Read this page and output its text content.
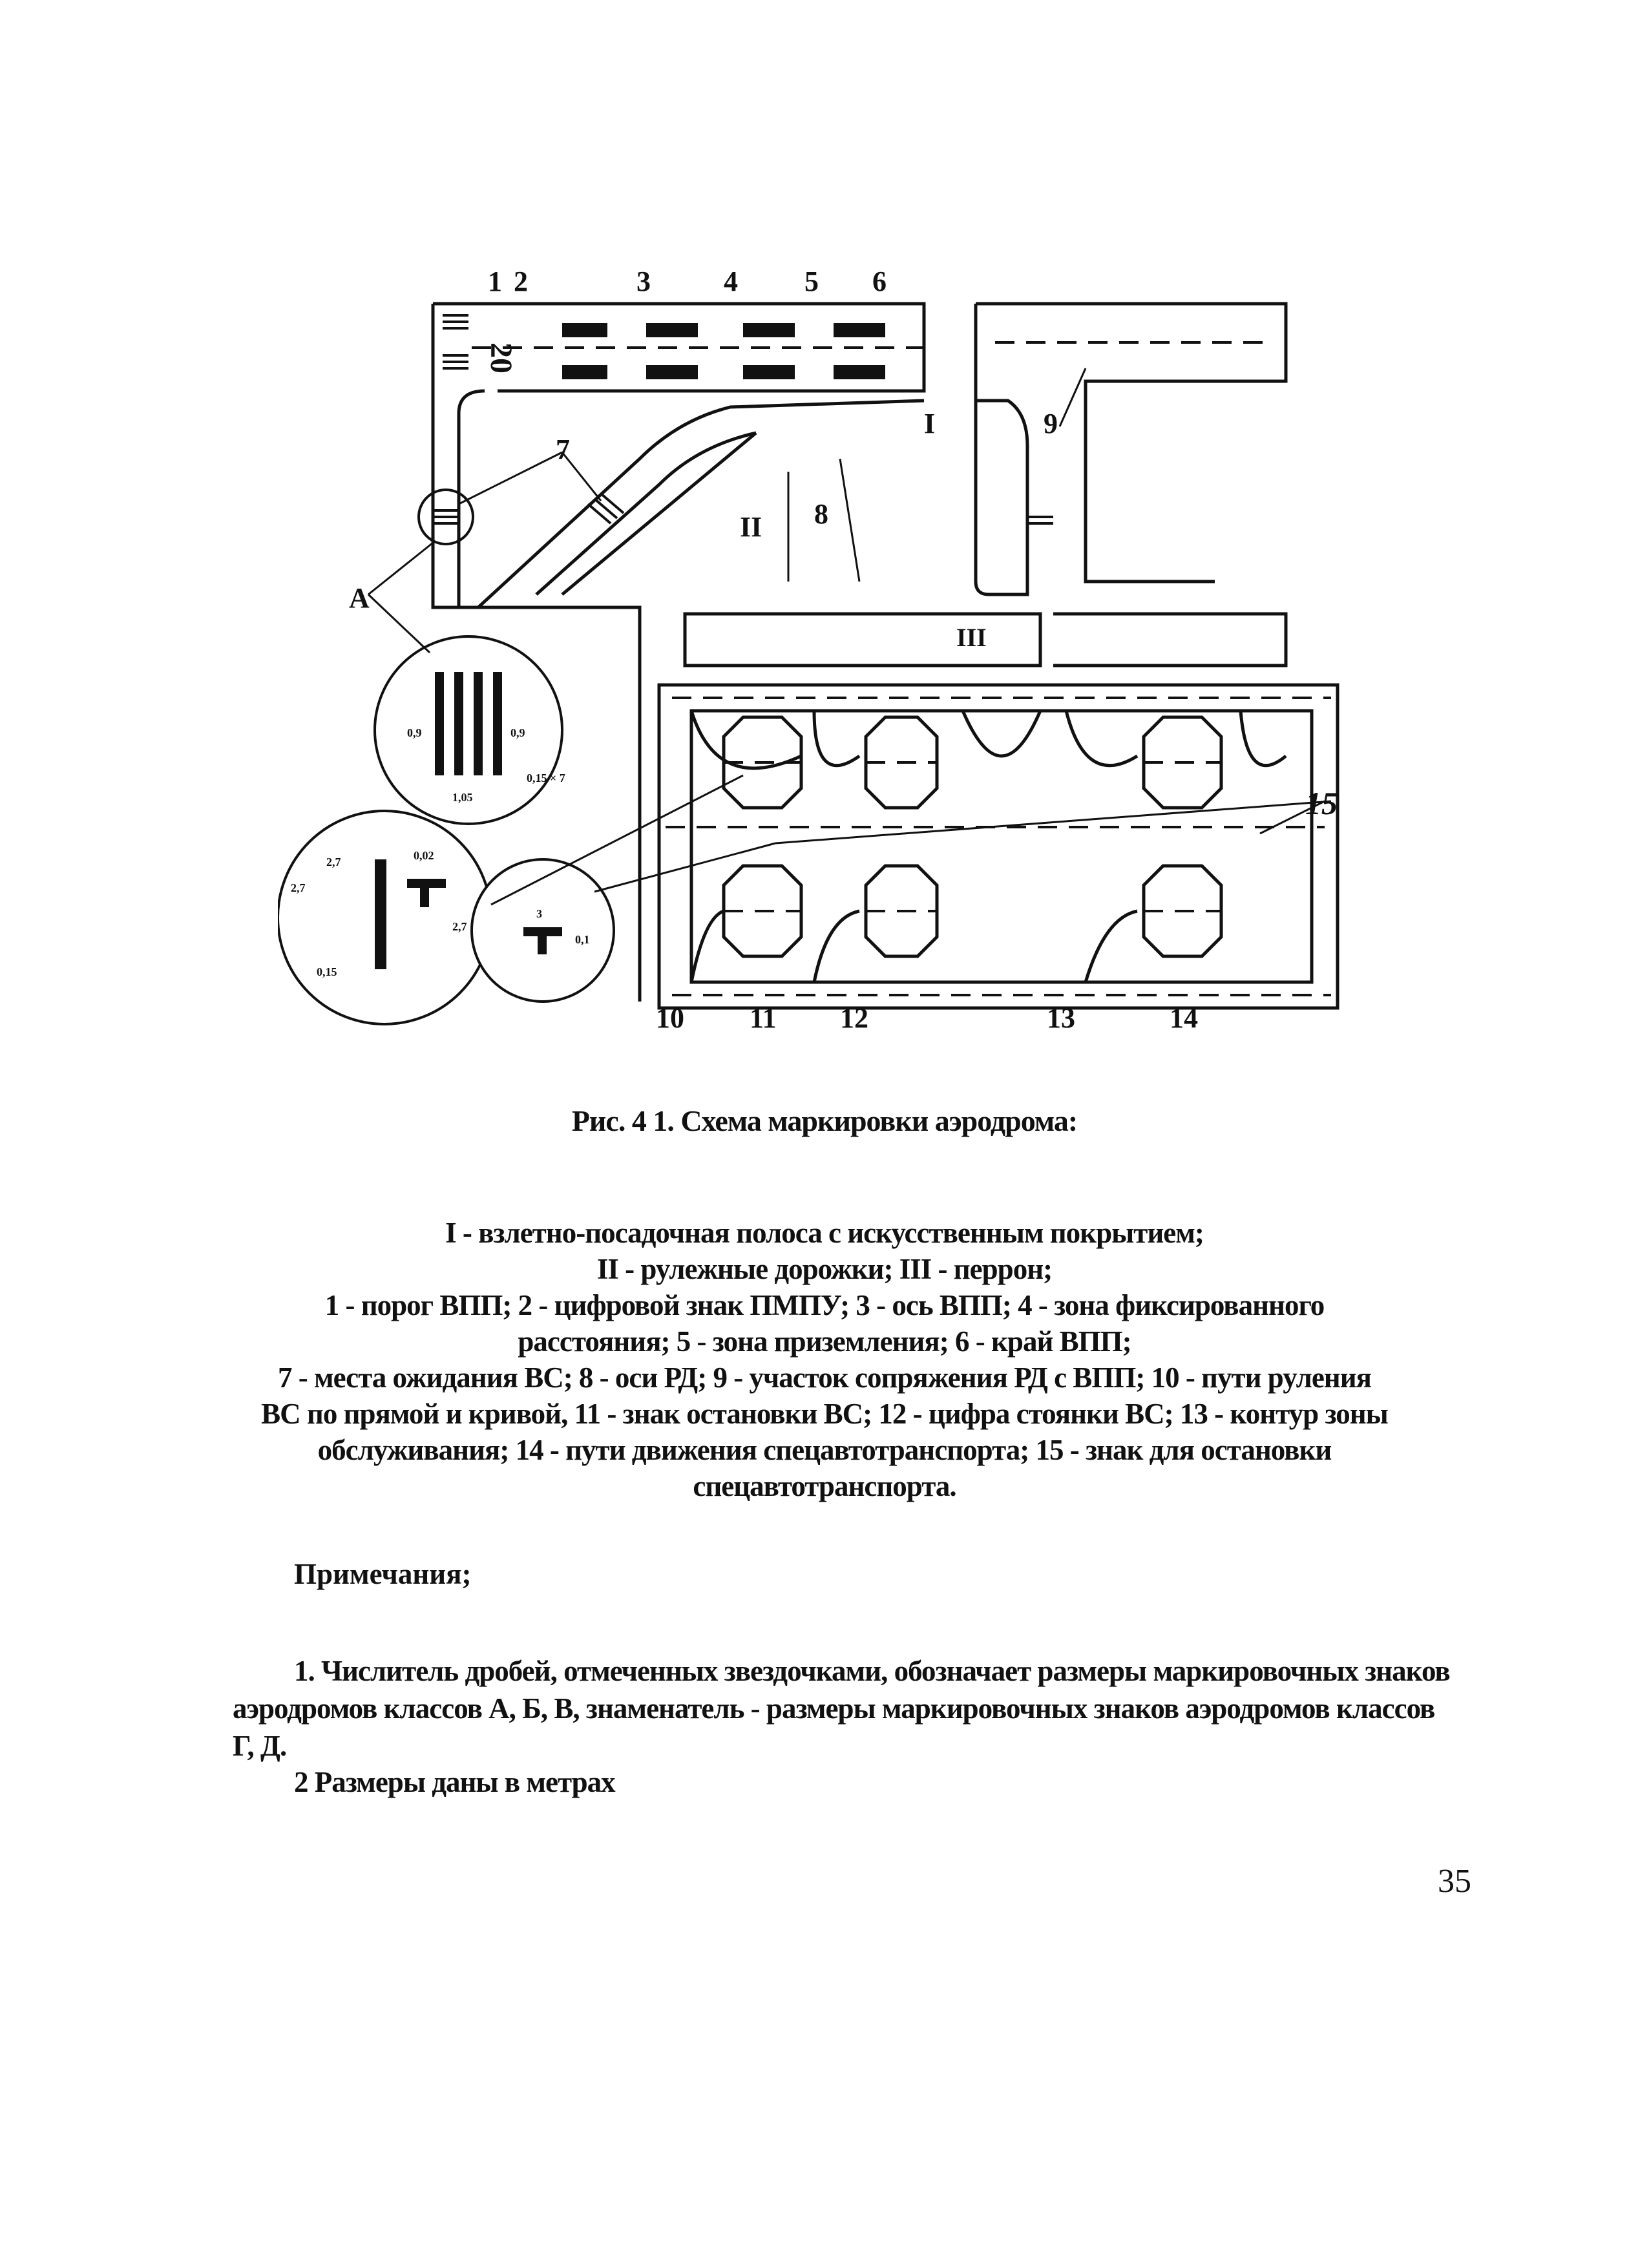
1 2	3	4 5 6
7
8
9
10 11 12	13	14
15
I
II
III
A
20
0,9	0,9
1,05
0,15 × 7
2,7
2,7
0,02
2,7
0,15
3
0,1
Рис. 4 1. Схема маркировки аэродрома:
I - взлетно-посадочная полоса с искусственным покрытием;
II - рулежные дорожки; III - перрон;
1 - порог ВПП; 2 - цифровой знак ПМПУ; 3 - ось ВПП; 4 - зона фиксированного
расстояния; 5 - зона приземления; 6 - край ВПП;
7 - места ожидания ВС; 8 - оси РД; 9 - участок сопряжения РД с ВПП; 10 - пути руления
ВС по прямой и кривой, 11 - знак остановки ВС; 12 - цифра стоянки ВС; 13 - контур зоны
обслуживания; 14 - пути движения спецавтотранспорта; 15 - знак для остановки
спецавтотранспорта.
Примечания;
1. Числитель дробей, отмеченных звездочками, обозначает размеры маркировочных знаков
аэродромов классов А, Б, В, знаменатель - размеры маркировочных знаков аэродромов классов
Г, Д.
2 Размеры даны в метрах
35
